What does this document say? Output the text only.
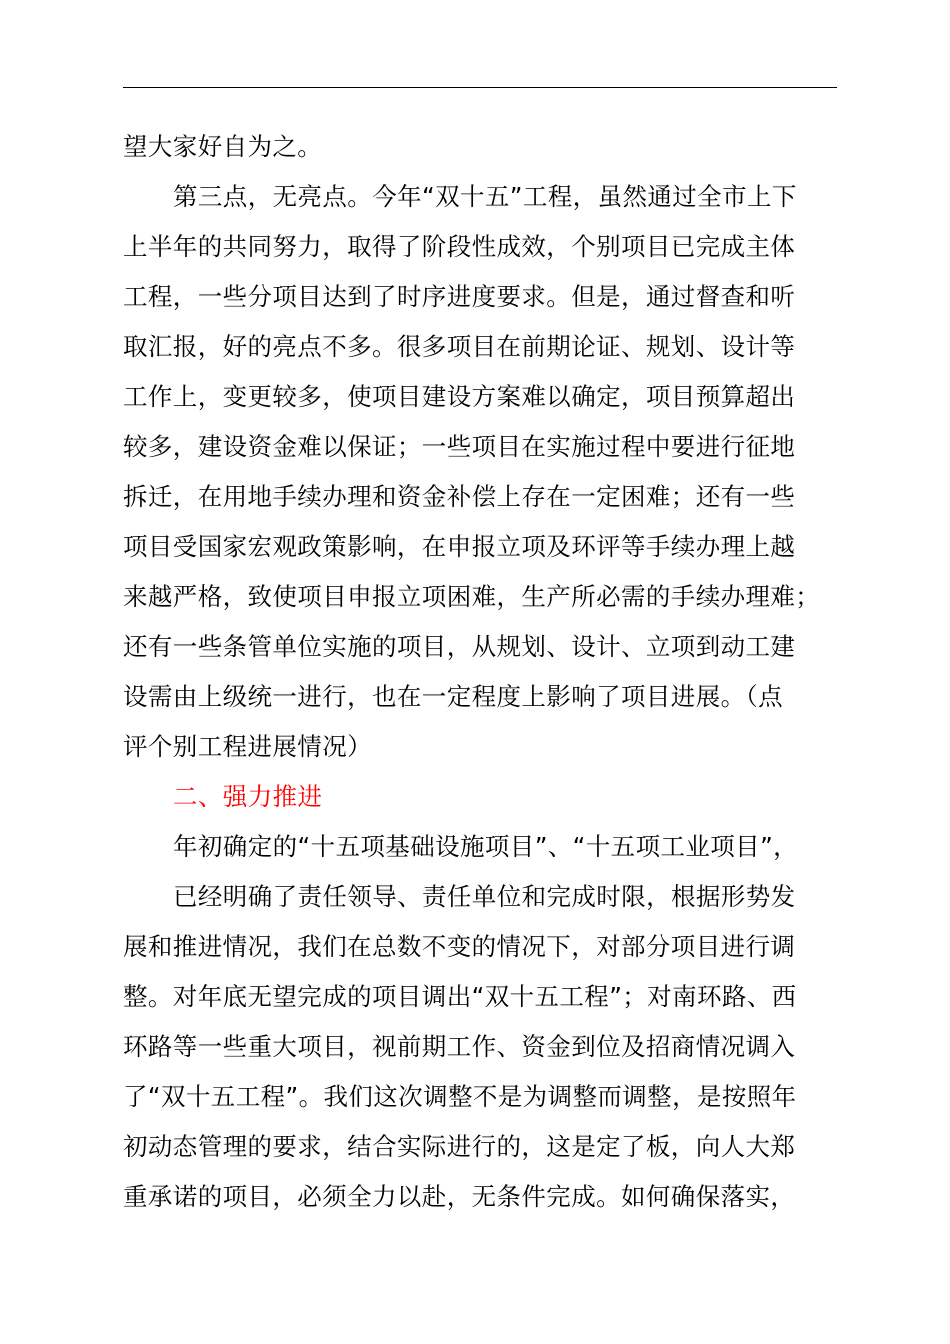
望大家好自为之。
第三点，无亮点。今年“双十五”工程，虽然通过全市上下
上半年的共同努力，取得了阶段性成效，个别项目已完成主体
工程，一些分项目达到了时序进度要求。但是，通过督查和听
取汇报，好的亮点不多。很多项目在前期论证、规划、设计等
工作上，变更较多，使项目建设方案难以确定，项目预算超出
较多，建设资金难以保证；一些项目在实施过程中要进行征地
拆迁，在用地手续办理和资金补偿上存在一定困难；还有一些
项目受国家宏观政策影响，在申报立项及环评等手续办理上越
来越严格，致使项目申报立项困难，生产所必需的手续办理难；
还有一些条管单位实施的项目，从规划、设计、立项到动工建
设需由上级统一进行，也在一定程度上影响了项目进展。（点
评个别工程进展情况）
二、强力推进
年初确定的“十五项基础设施项目”、“十五项工业项目”，
已经明确了责任领导、责任单位和完成时限，根据形势发
展和推进情况，我们在总数不变的情况下，对部分项目进行调
整。对年底无望完成的项目调出“双十五工程”；对南环路、西
环路等一些重大项目，视前期工作、资金到位及招商情况调入
了“双十五工程”。我们这次调整不是为调整而调整，是按照年
初动态管理的要求，结合实际进行的，这是定了板，向人大郑
重承诺的项目，必须全力以赴，无条件完成。如何确保落实，
